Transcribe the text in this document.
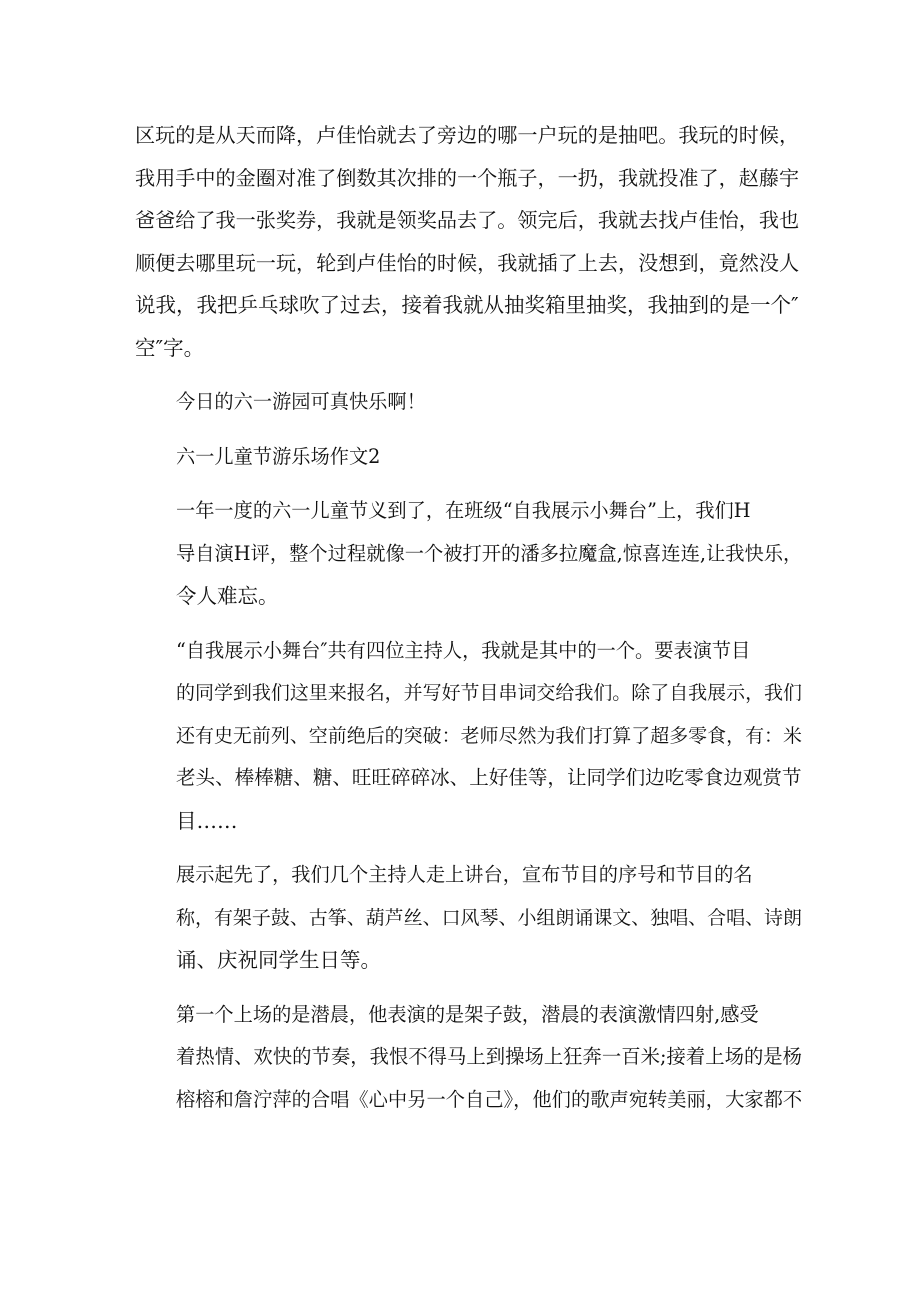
区玩的是从天而降，卢佳怡就去了旁边的哪一户玩的是抽吧。我玩的时候，
我用手中的金圈对准了倒数其次排的一个瓶子，一扔，我就投准了，赵藤宇
爸爸给了我一张奖券，我就是领奖品去了。领完后，我就去找卢佳怡，我也
顺便去哪里玩一玩，轮到卢佳怡的时候，我就插了上去，没想到，竟然没人
说我，我把乒乓球吹了过去，接着我就从抽奖箱里抽奖，我抽到的是一个″
空″字。

今日的六一游园可真快乐啊！

六一儿童节游乐场作文2

一年一度的六一儿童节义到了，在班级“自我展示小舞台”上，我们H
导自演H评，整个过程就像一个被打开的潘多拉魔盒,惊喜连连,让我快乐，
令人难忘。

“自我展示小舞台″共有四位主持人，我就是其中的一个。要表演节目
的同学到我们这里来报名，并写好节目串词交给我们。除了自我展示，我们
还有史无前列、空前绝后的突破：老师尽然为我们打算了超多零食，有：米
老头、棒棒糖、糖、旺旺碎碎冰、上好佳等，让同学们边吃零食边观赏节
目……

展示起先了，我们几个主持人走上讲台，宣布节目的序号和节目的名
称，有架子鼓、古筝、葫芦丝、口风琴、小组朗诵课文、独唱、合唱、诗朗
诵、庆祝同学生日等。

第一个上场的是潜晨，他表演的是架子鼓，潜晨的表演激情四射,感受
着热情、欢快的节奏，我恨不得马上到操场上狂奔一百米;接着上场的是杨
榕榕和詹泞萍的合唱《心中另一个自己》，他们的歌声宛转美丽，大家都不
